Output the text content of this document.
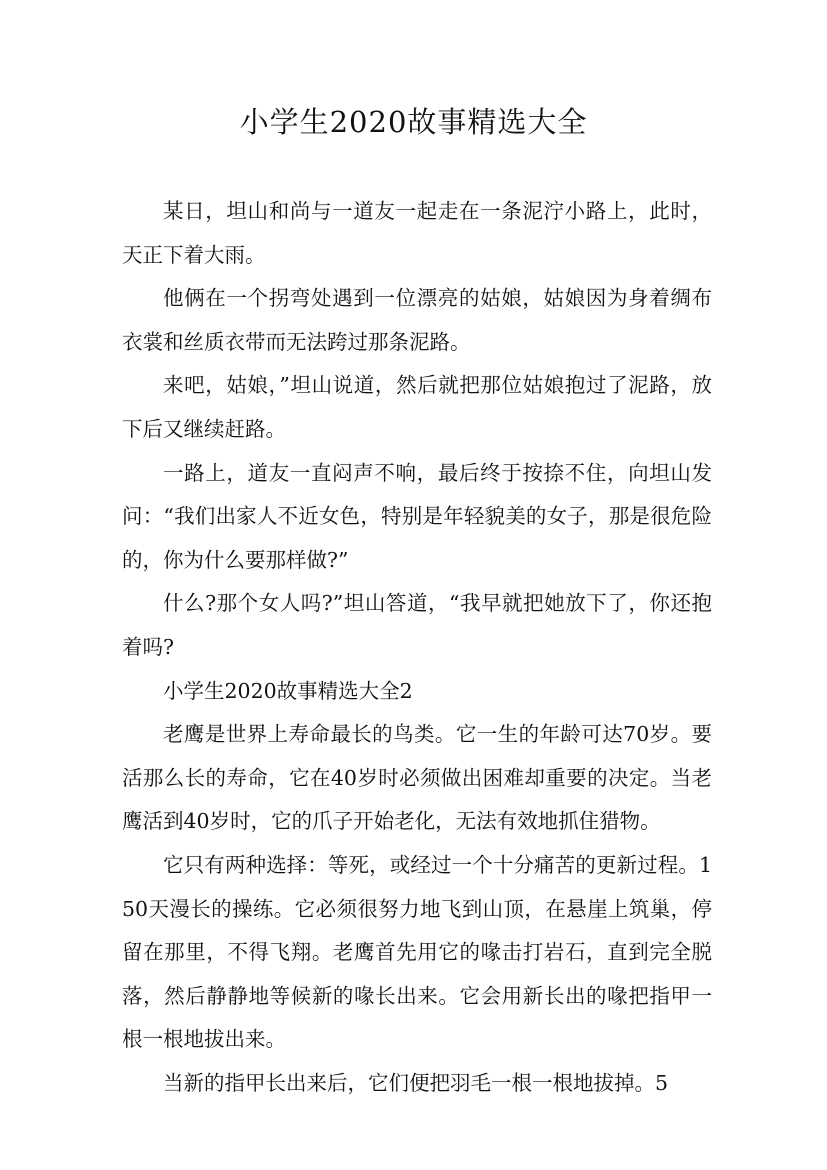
小学生2020故事精选大全

某日，坦山和尚与一道友一起走在一条泥泞小路上，此时，天正下着大雨。

他俩在一个拐弯处遇到一位漂亮的姑娘，姑娘因为身着绸布衣裳和丝质衣带而无法跨过那条泥路。

来吧，姑娘，”坦山说道，然后就把那位姑娘抱过了泥路，放下后又继续赶路。

一路上，道友一直闷声不响，最后终于按捺不住，向坦山发问：“我们出家人不近女色，特别是年轻貌美的女子，那是很危险的，你为什么要那样做?”

什么?那个女人吗?”坦山答道，“我早就把她放下了，你还抱着吗?

小学生2020故事精选大全2

老鹰是世界上寿命最长的鸟类。它一生的年龄可达70岁。要活那么长的寿命，它在40岁时必须做出困难却重要的决定。当老鹰活到40岁时，它的爪子开始老化，无法有效地抓住猎物。

它只有两种选择：等死，或经过一个十分痛苦的更新过程。150天漫长的操练。它必须很努力地飞到山顶，在悬崖上筑巢，停留在那里，不得飞翔。老鹰首先用它的喙击打岩石，直到完全脱落，然后静静地等候新的喙长出来。它会用新长出的喙把指甲一根一根地拔出来。

当新的指甲长出来后，它们便把羽毛一根一根地拔掉。5
